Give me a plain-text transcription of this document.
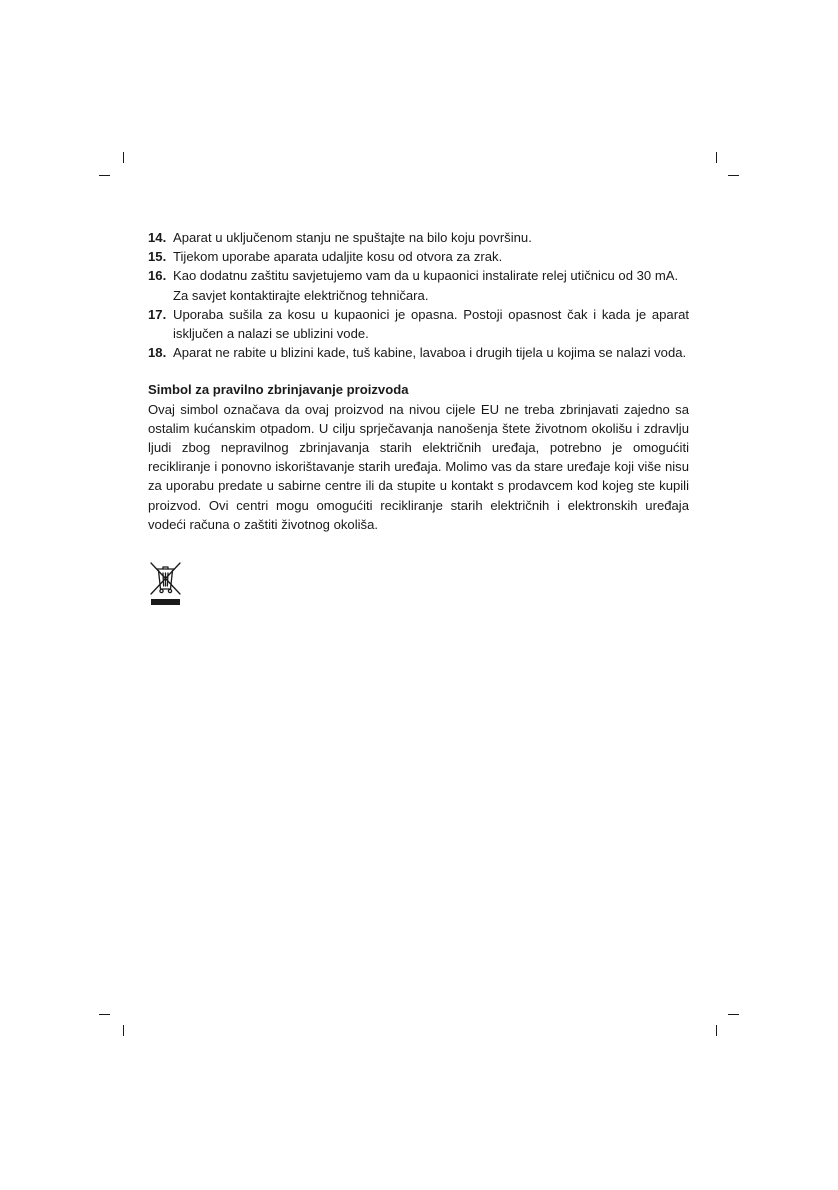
14. Aparat u uključenom stanju ne spuštajte na bilo koju površinu.
15. Tijekom uporabe aparata udaljite kosu od otvora za zrak.
16. Kao dodatnu zaštitu savjetujemo vam da u kupaonici instalirate relej utičnicu od 30 mA. Za savjet kontaktirajte električnog tehničara.
17. Uporaba sušila za kosu u kupaonici je opasna. Postoji opasnost čak i kada je aparat isključen a nalazi se ublizini vode.
18. Aparat ne rabite u blizini kade, tuš kabine, lavaboa i drugih tijela u kojima se nalazi voda.
Simbol za pravilno zbrinjavanje proizvoda
Ovaj simbol označava da ovaj proizvod na nivou cijele EU ne treba zbrinjavati zajedno sa ostalim kućanskim otpadom. U cilju sprječavanja nanošenja štete životnom okolišu i zdravlju ljudi zbog nepravilnog zbrinjavanja starih električnih uređaja, potrebno je omogućiti recikliranje i ponovno iskorištavanje starih uređaja. Molimo vas da stare uređaje koji više nisu za uporabu predate u sabirne centre ili da stupite u kontakt s prodavcem kod kojeg ste kupili proizvod. Ovi centri mogu omogućiti recikliranje starih električnih i elektronskih uređaja vodeći računa o zaštiti životnog okoliša.
